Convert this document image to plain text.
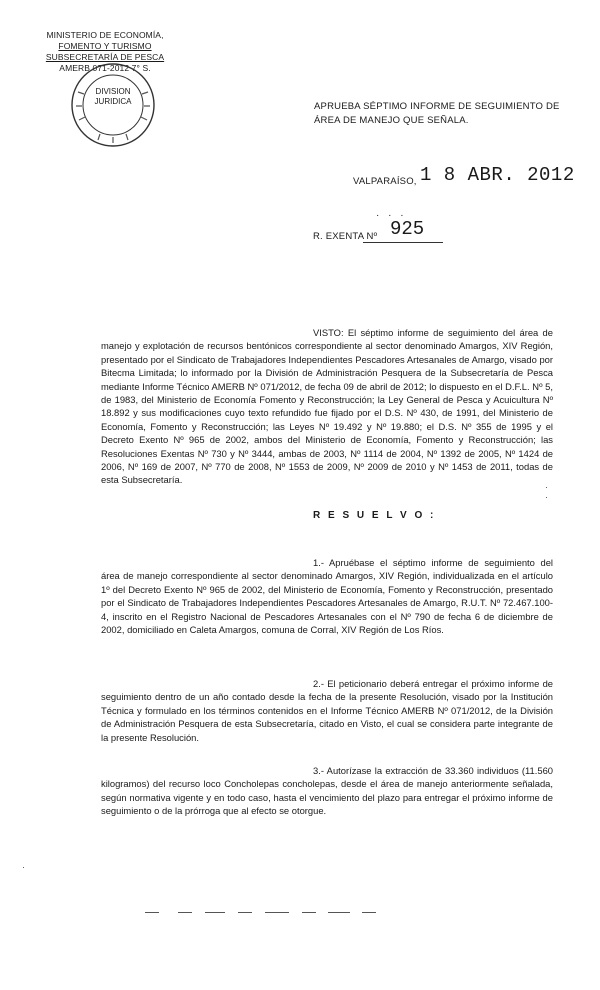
MINISTERIO DE ECONOMÍA,
FOMENTO Y TURISMO
SUBSECRETARÍA DE PESCA
AMERB 071-2012 7° S.
DIVISION
JURIDICA	APRUEBA SÉPTIMO INFORME DE SEGUIMIENTO DE ÁREA DE MANEJO QUE SEÑALA.
VALPARAÍSO, 1 8 ABR. 2012
· · ·
R. EXENTA Nº 925
VISTO: El séptimo informe de seguimiento del área de manejo y explotación de recursos bentónicos correspondiente al sector denominado Amargos, XIV Región, presentado por el Sindicato de Trabajadores Independientes Pescadores Artesanales de Amargo, visado por Bitecma Limitada; lo informado por la División de Administración Pesquera de la Subsecretaría de Pesca mediante Informe Técnico AMERB Nº 071/2012, de fecha 09 de abril de 2012; lo dispuesto en el D.F.L. Nº 5, de 1983, del Ministerio de Economía Fomento y Reconstrucción; la Ley General de Pesca y Acuicultura Nº 18.892 y sus modificaciones cuyo texto refundido fue fijado por el D.S. Nº 430, de 1991, del Ministerio de Economía, Fomento y Reconstrucción; las Leyes Nº 19.492 y Nº 19.880; el D.S. Nº 355 de 1995 y el Decreto Exento Nº 965 de 2002, ambos del Ministerio de Economía, Fomento y Reconstrucción; las Resoluciones Exentas Nº 730 y Nº 3444, ambas de 2003, Nº 1114 de 2004, Nº 1392 de 2005, Nº 1424 de 2006, Nº 169 de 2007, Nº 770 de 2008, Nº 1553 de 2009, Nº 2009 de 2010 y Nº 1453 de 2011, todas de esta Subsecretaría.
·
·
R E S U E L V O :
1.- Apruébase el séptimo informe de seguimiento del área de manejo correspondiente al sector denominado Amargos, XIV Región, individualizada en el artículo 1º del Decreto Exento Nº 965 de 2002, del Ministerio de Economía, Fomento y Reconstrucción, presentado por el Sindicato de Trabajadores Independientes Pescadores Artesanales de Amargo, R.U.T. Nº 72.467.100-4, inscrito en el Registro Nacional de Pescadores Artesanales con el Nº 790 de fecha 6 de diciembre de 2002, domiciliado en Caleta Amargos, comuna de Corral, XIV Región de Los Ríos.
2.- El peticionario deberá entregar el próximo informe de seguimiento dentro de un año contado desde la fecha de la presente Resolución, visado por la Institución Técnica y formulado en los términos contenidos en el Informe Técnico AMERB Nº 071/2012, de la División de Administración Pesquera de esta Subsecretaría, citado en Visto, el cual se considera parte integrante de la presente Resolución.
3.- Autorízase la extracción de 33.360 individuos (11.560 kilogramos) del recurso loco Concholepas concholepas, desde el área de manejo anteriormente señalada, según normativa vigente y en todo caso, hasta el vencimiento del plazo para entregar el próximo informe de seguimiento o de la prórroga que al efecto se otorgue.
·
